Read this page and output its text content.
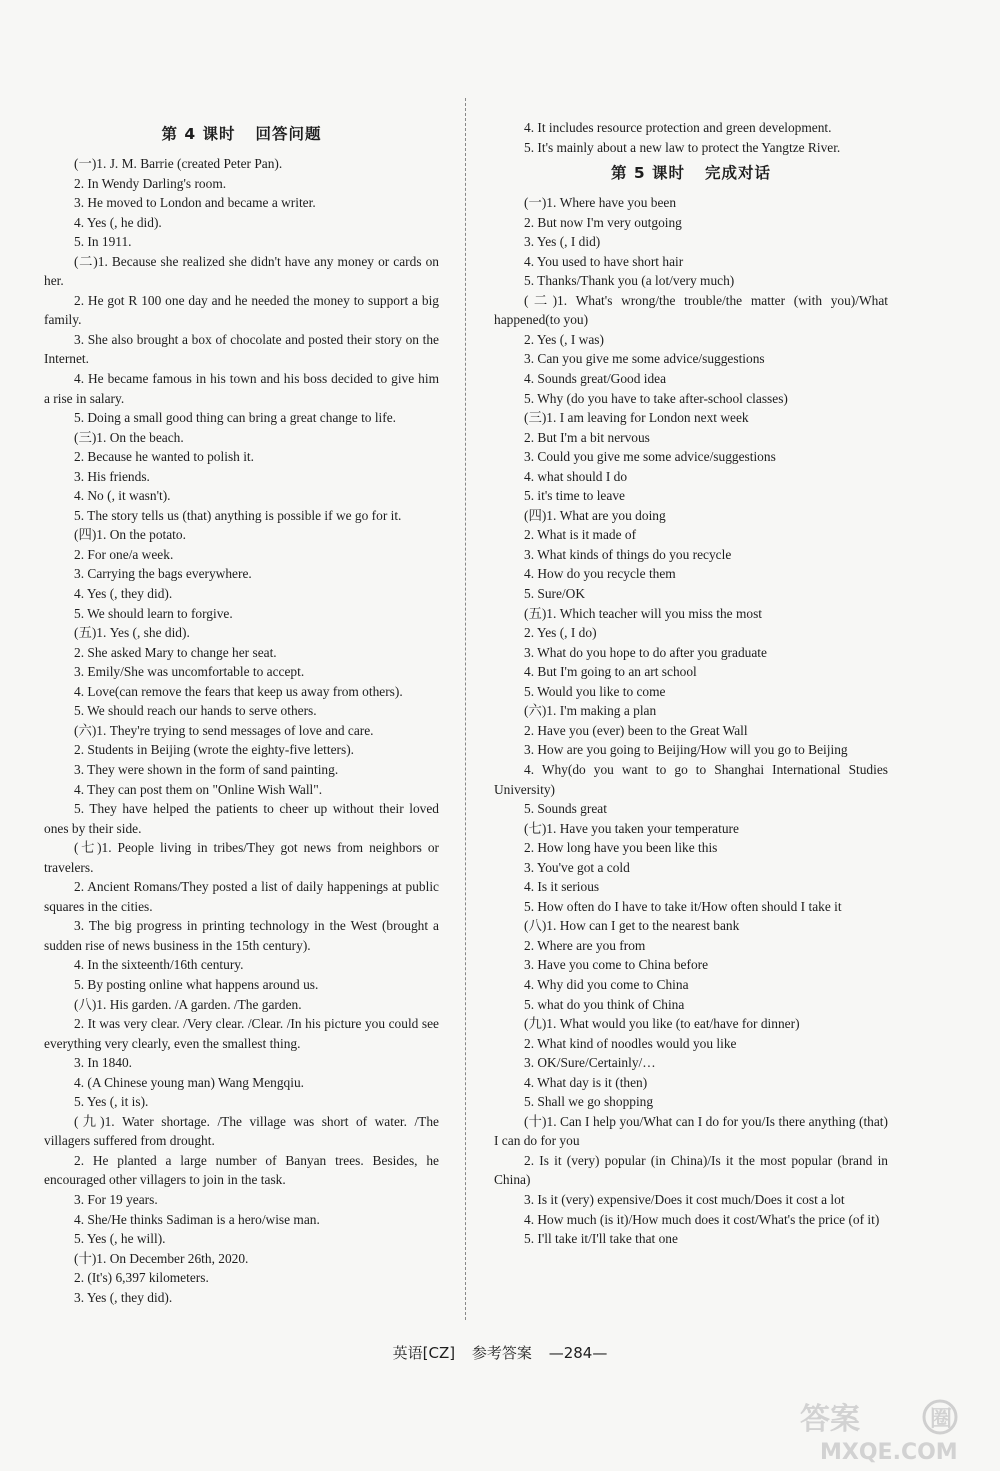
第 4 课时 回答问题
(一)1. J. M. Barrie (created Peter Pan).
2. In Wendy Darling's room.
3. He moved to London and became a writer.
4. Yes (, he did).
5. In 1911.
(二)1. Because she realized she didn't have any money or cards on her.
2. He got R 100 one day and he needed the money to support a big family.
3. She also brought a box of chocolate and posted their story on the Internet.
4. He became famous in his town and his boss decided to give him a rise in salary.
5. Doing a small good thing can bring a great change to life.
(三)1. On the beach.
2. Because he wanted to polish it.
3. His friends.
4. No (, it wasn't).
5. The story tells us (that) anything is possible if we go for it.
(四)1. On the potato.
2. For one/a week.
3. Carrying the bags everywhere.
4. Yes (, they did).
5. We should learn to forgive.
(五)1. Yes (, she did).
2. She asked Mary to change her seat.
3. Emily/She was uncomfortable to accept.
4. Love(can remove the fears that keep us away from others).
5. We should reach our hands to serve others.
(六)1. They're trying to send messages of love and care.
2. Students in Beijing (wrote the eighty-five letters).
3. They were shown in the form of sand painting.
4. They can post them on "Online Wish Wall".
5. They have helped the patients to cheer up without their loved ones by their side.
(七)1. People living in tribes/They got news from neighbors or travelers.
2. Ancient Romans/They posted a list of daily happenings at public squares in the cities.
3. The big progress in printing technology in the West (brought a sudden rise of news business in the 15th century).
4. In the sixteenth/16th century.
5. By posting online what happens around us.
(八)1. His garden. /A garden. /The garden.
2. It was very clear. /Very clear. /Clear. /In his picture you could see everything very clearly, even the smallest thing.
3. In 1840.
4. (A Chinese young man) Wang Mengqiu.
5. Yes (, it is).
(九)1. Water shortage. /The village was short of water. /The villagers suffered from drought.
2. He planted a large number of Banyan trees. Besides, he encouraged other villagers to join in the task.
3. For 19 years.
4. She/He thinks Sadiman is a hero/wise man.
5. Yes (, he will).
(十)1. On December 26th, 2020.
2. (It's) 6,397 kilometers.
3. Yes (, they did).
4. It includes resource protection and green development.
5. It's mainly about a new law to protect the Yangtze River.
第 5 课时 完成对话
(一)1. Where have you been
2. But now I'm very outgoing
3. Yes (, I did)
4. You used to have short hair
5. Thanks/Thank you (a lot/very much)
(二)1. What's wrong/the trouble/the matter (with you)/What happened(to you)
2. Yes (, I was)
3. Can you give me some advice/suggestions
4. Sounds great/Good idea
5. Why (do you have to take after-school classes)
(三)1. I am leaving for London next week
2. But I'm a bit nervous
3. Could you give me some advice/suggestions
4. what should I do
5. it's time to leave
(四)1. What are you doing
2. What is it made of
3. What kinds of things do you recycle
4. How do you recycle them
5. Sure/OK
(五)1. Which teacher will you miss the most
2. Yes (, I do)
3. What do you hope to do after you graduate
4. But I'm going to an art school
5. Would you like to come
(六)1. I'm making a plan
2. Have you (ever) been to the Great Wall
3. How are you going to Beijing/How will you go to Beijing
4. Why(do you want to go to Shanghai International Studies University)
5. Sounds great
(七)1. Have you taken your temperature
2. How long have you been like this
3. You've got a cold
4. Is it serious
5. How often do I have to take it/How often should I take it
(八)1. How can I get to the nearest bank
2. Where are you from
3. Have you come to China before
4. Why did you come to China
5. what do you think of China
(九)1. What would you like (to eat/have for dinner)
2. What kind of noodles would you like
3. OK/Sure/Certainly/…
4. What day is it (then)
5. Shall we go shopping
(十)1. Can I help you/What can I do for you/Is there anything (that) I can do for you
2. Is it (very) popular (in China)/Is it the most popular (brand in China)
3. Is it (very) expensive/Does it cost much/Does it cost a lot
4. How much (is it)/How much does it cost/What's the price (of it)
5. I'll take it/I'll take that one
英语[CZ] 参考答案 —284—
答案	圈
MXQE.COM
